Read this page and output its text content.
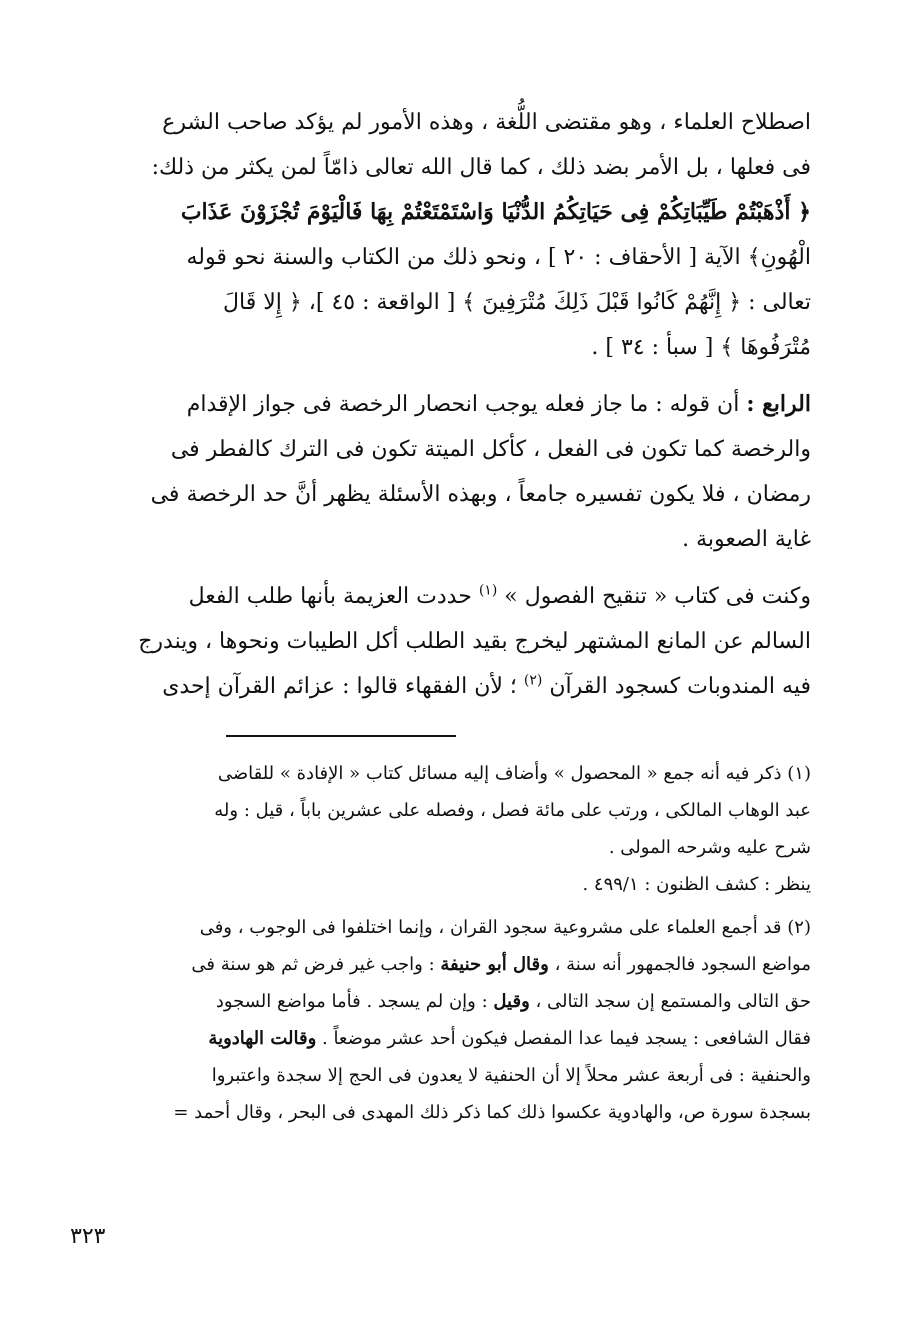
اصطلاح العلماء ، وهو مقتضى اللُّغة ، وهذه الأمور لم يؤكد صاحب الشرع

فى فعلها ، بل الأمر بضد ذلك ، كما قال الله تعالى ذامّاً لمن يكثر من ذلك:

﴿ أَذْهَبْتُمْ طَيِّبَاتِكُمْ فِى حَيَاتِكُمُ الدُّنْيَا وَاسْتَمْتَعْتُمْ بِهَا فَالْيَوْمَ تُجْزَوْنَ عَذَابَ

الْهُونِ﴾ الآية [ الأحقاف : ٢٠ ] ، ونحو ذلك من الكتاب والسنة نحو قوله

تعالى : ﴿ إِنَّهُمْ كَانُوا قَبْلَ ذَلِكَ مُتْرَفِينَ ﴾ [ الواقعة : ٤٥ ]، ﴿ إِلا قَالَ

مُتْرَفُوهَا ﴾ [ سبأ : ٣٤ ] .

الرابع : أن قوله : ما جاز فعله يوجب انحصار الرخصة فى جواز الإقدام

والرخصة كما تكون فى الفعل ، كأكل الميتة تكون فى الترك كالفطر فى

رمضان ، فلا يكون تفسيره جامعاً ، وبهذه الأسئلة يظهر أنَّ حد الرخصة فى

غاية الصعوبة .

وكنت فى كتاب « تنقيح الفصول » $^{(١)}$ حددت العزيمة بأنها طلب الفعل

السالم عن المانع المشتهر ليخرج بقيد الطلب أكل الطيبات ونحوها ، ويندرج

فيه المندوبات كسجود القرآن $^{(٢)}$ ؛ لأن الفقهاء قالوا : عزائم القرآن إحدى

(١) ذكر فيه أنه جمع « المحصول » وأضاف إليه مسائل كتاب « الإفادة » للقاضى

عبد الوهاب المالكى ، ورتب على مائة فصل ، وفصله على عشرين باباً ، قيل : وله

شرح عليه وشرحه المولى .

ينظر : كشف الظنون : ٤٩٩/١ .

(٢) قد أجمع العلماء على مشروعية سجود القران ، وإنما اختلفوا فى الوجوب ، وفى

مواضع السجود فالجمهور أنه سنة ، وقال أبو حنيفة : واجب غير فرض ثم هو سنة فى

حق التالى والمستمع إن سجد التالى ، وقيل : وإن لم يسجد . فأما مواضع السجود

فقال الشافعى : يسجد فيما عدا المفصل فيكون أحد عشر موضعاً . وقالت الهادوية

والحنفية : فى أربعة عشر محلاً إلا أن الحنفية لا يعدون فى الحج إلا سجدة واعتبروا

بسجدة سورة ص، والهادوية عكسوا ذلك كما ذكر ذلك المهدى فى البحر ، وقال أحمد =

٣٢٣
